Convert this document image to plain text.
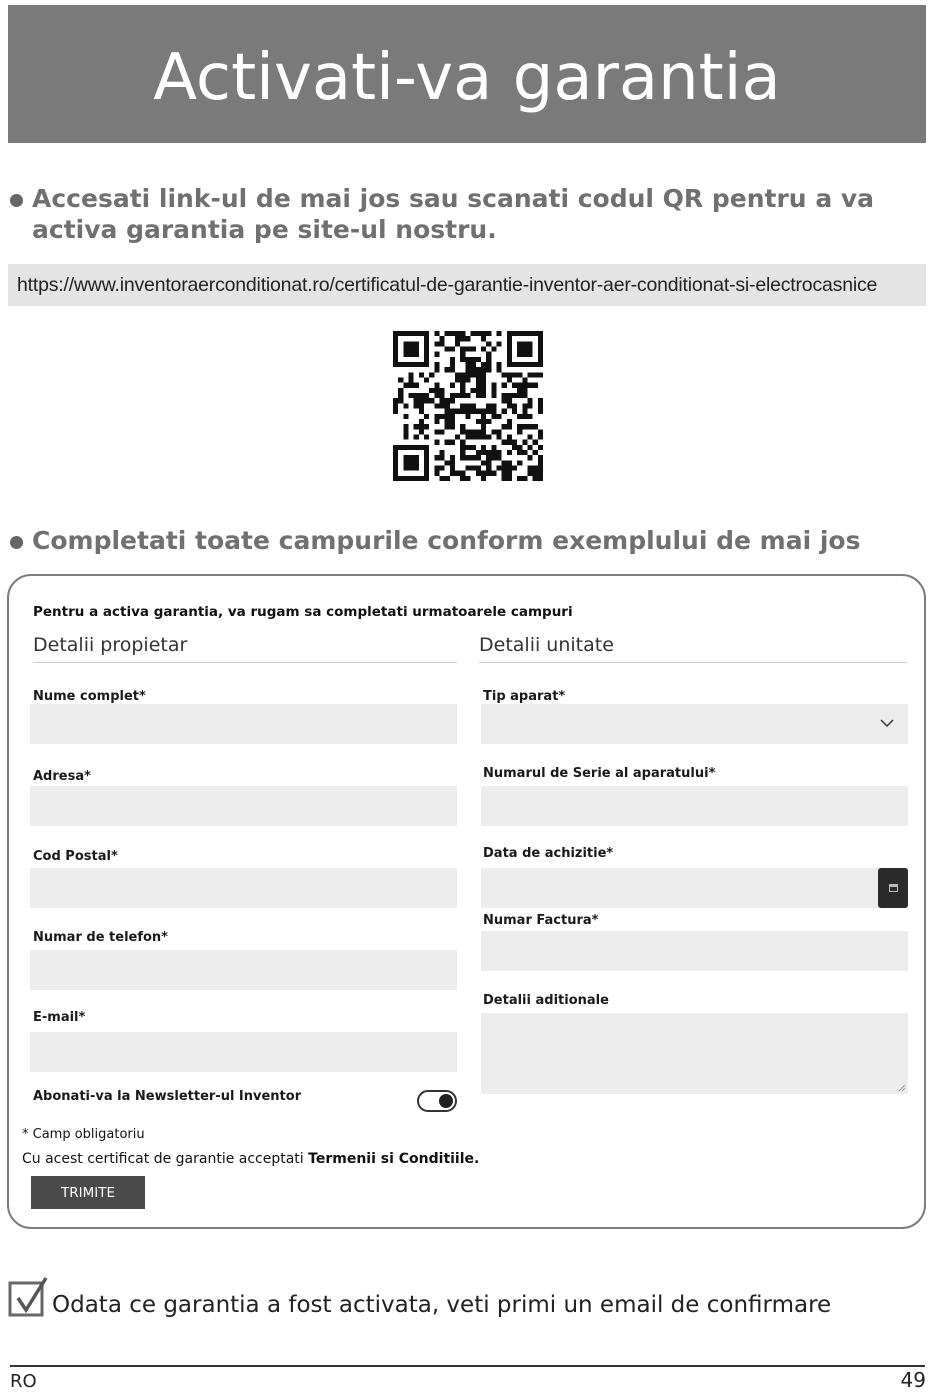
Activati-va garantia
Accesati link-ul de mai jos sau scanati codul QR pentru a va activa garantia pe site-ul nostru.
https://www.inventoraerconditionat.ro/certificatul-de-garantie-inventor-aer-conditionat-si-electrocasnice
Completati toate campurile conform exemplului de mai jos
Pentru a activa garantia, va rugam sa completati urmatoarele campuri
Detalii propietar	Detalii unitate
Nume complet*
Adresa*
Cod Postal*
Numar de telefon*
E-mail*
Abonati-va la Newsletter-ul Inventor
Tip aparat*
Numarul de Serie al aparatului*
Data de achizitie*
Numar Factura*
Detalii aditionale
* Camp obligatoriu
Cu acest certificat de garantie acceptati Termenii si Conditiile.
TRIMITE
Odata ce garantia a fost activata, veti primi un email de confirmare
RO	49
